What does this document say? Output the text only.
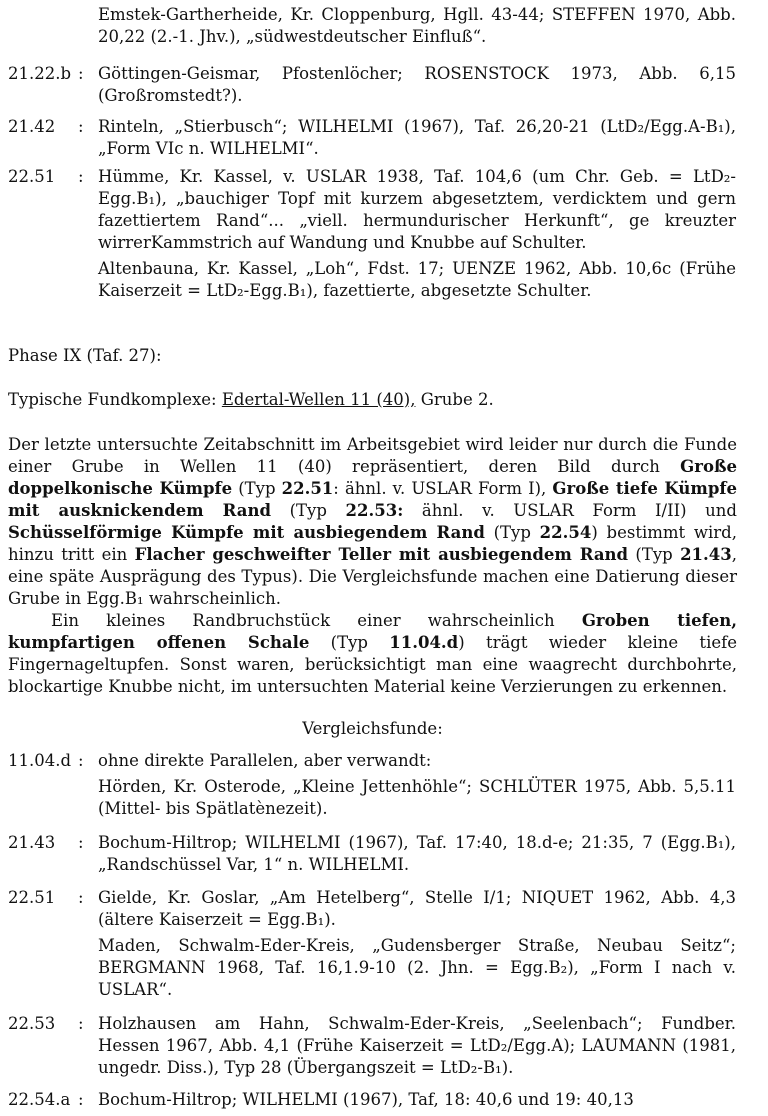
Emstek-Gartherheide, Kr. Cloppenburg, Hgll. 43-44; STEFFEN 1970, Abb. 20,22 (2.-1. Jhv.), „südwestdeutscher Einfluß“.

21.22.b : Göttingen-Geismar, Pfostenlöcher; ROSENSTOCK 1973, Abb. 6,15 (Großromstedt?).

21.42	: Rinteln, „Stierbusch“; WILHELMI (1967), Taf. 26,20-21 (LtD₂/Egg.A-B₁), „Form VIc n. WILHELMI“.

22.51	: Hümme, Kr. Kassel, v. USLAR 1938, Taf. 104,6 (um Chr. Geb. = LtD₂-Egg.B₁), „bauchiger Topf mit kurzem abgesetztem, verdicktem und gern fazettiertem Rand“... „viell. hermundurischer Herkunft“, ge kreuzter wirrerKammstrich auf Wandung und Knubbe auf Schulter.

Altenbauna, Kr. Kassel, „Loh“, Fdst. 17; UENZE 1962, Abb. 10,6c (Frühe Kaiserzeit = LtD₂-Egg.B₁), fazettierte, abgesetzte Schulter.

Phase IX (Taf. 27):

Typische Fundkomplexe: Edertal-Wellen 11 (40), Grube 2.

Der letzte untersuchte Zeitabschnitt im Arbeitsgebiet wird leider nur durch die Funde einer Grube in Wellen 11 (40) repräsentiert, deren Bild durch Große doppelkonische Kümpfe (Typ 22.51: ähnl. v. USLAR Form I), Große tiefe Kümpfe mit ausknickendem Rand (Typ 22.53: ähnl. v. USLAR Form I/II) und Schüsselförmige Kümpfe mit ausbiegendem Rand (Typ 22.54) bestimmt wird, hinzu tritt ein Flacher geschweifter Teller mit ausbiegendem Rand (Typ 21.43, eine späte Ausprägung des Typus). Die Vergleichsfunde machen eine Datierung dieser Grube in Egg.B₁ wahrscheinlich.

Ein kleines Randbruchstück einer wahrscheinlich Groben tiefen, kumpfartigen offenen Schale (Typ 11.04.d) trägt wieder kleine tiefe Fingernageltupfen. Sonst waren, berücksichtigt man eine waagrecht durchbohrte, blockartige Knubbe nicht, im untersuchten Material keine Verzierungen zu erkennen.

Vergleichsfunde:

11.04.d : ohne direkte Parallelen, aber verwandt:

Hörden, Kr. Osterode, „Kleine Jettenhöhle“; SCHLÜTER 1975, Abb. 5,5.11 (Mittel- bis Spätlatènezeit).

21.43	: Bochum-Hiltrop; WILHELMI (1967), Taf. 17:40, 18.d-e; 21:35, 7 (Egg.B₁), „Randschüssel Var, 1“ n. WILHELMI.

22.51	: Gielde, Kr. Goslar, „Am Hetelberg“, Stelle I/1; NIQUET 1962, Abb. 4,3 (ältere Kaiserzeit = Egg.B₁).

Maden, Schwalm-Eder-Kreis, „Gudensberger Straße, Neubau Seitz“; BERGMANN 1968, Taf. 16,1.9-10 (2. Jhn. = Egg.B₂), „Form I nach v. USLAR“.

22.53	: Holzhausen am Hahn, Schwalm-Eder-Kreis, „Seelenbach“; Fundber. Hessen 1967, Abb. 4,1 (Frühe Kaiserzeit = LtD₂/Egg.A); LAUMANN (1981, ungedr. Diss.), Typ 28 (Übergangszeit = LtD₂-B₁).

22.54.a : Bochum-Hiltrop; WILHELMI (1967), Taf, 18: 40,6 und 19: 40,13
